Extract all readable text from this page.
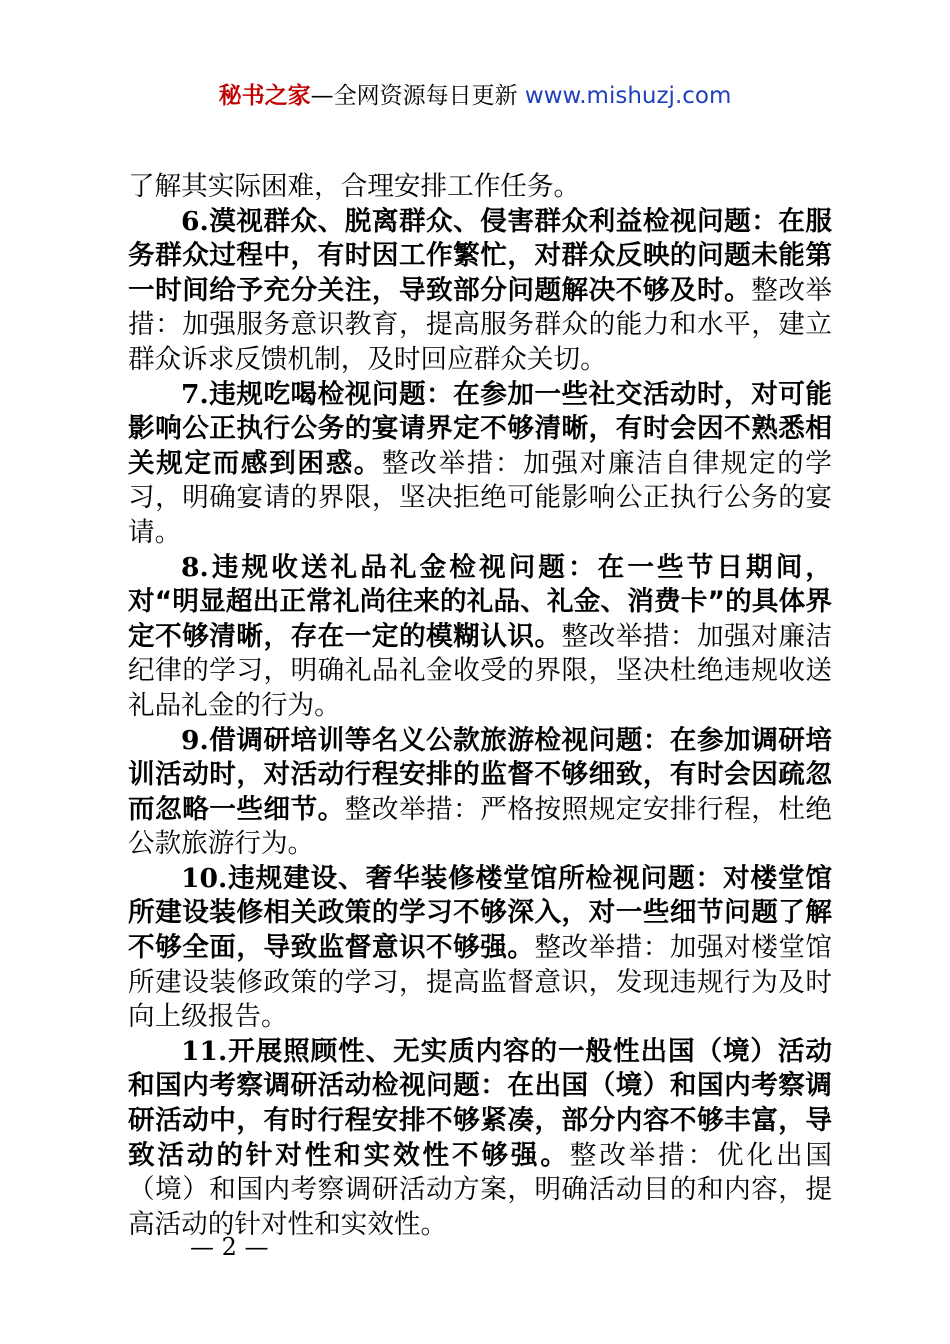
秘书之家—全网资源每日更新 www.mishuzj.com

了解其实际困难，合理安排工作任务。

6.漠视群众、脱离群众、侵害群众利益检视问题：在服务群众过程中，有时因工作繁忙，对群众反映的问题未能第一时间给予充分关注，导致部分问题解决不够及时。整改举措：加强服务意识教育，提高服务群众的能力和水平，建立群众诉求反馈机制，及时回应群众关切。

7.违规吃喝检视问题：在参加一些社交活动时，对可能影响公正执行公务的宴请界定不够清晰，有时会因不熟悉相关规定而感到困惑。整改举措：加强对廉洁自律规定的学习，明确宴请的界限，坚决拒绝可能影响公正执行公务的宴请。

8.违规收送礼品礼金检视问题：在一些节日期间，对“明显超出正常礼尚往来的礼品、礼金、消费卡”的具体界定不够清晰，存在一定的模糊认识。整改举措：加强对廉洁纪律的学习，明确礼品礼金收受的界限，坚决杜绝违规收送礼品礼金的行为。

9.借调研培训等名义公款旅游检视问题：在参加调研培训活动时，对活动行程安排的监督不够细致，有时会因疏忽而忽略一些细节。整改举措：严格按照规定安排行程，杜绝公款旅游行为。

10.违规建设、奢华装修楼堂馆所检视问题：对楼堂馆所建设装修相关政策的学习不够深入，对一些细节问题了解不够全面，导致监督意识不够强。整改举措：加强对楼堂馆所建设装修政策的学习，提高监督意识，发现违规行为及时向上级报告。

11.开展照顾性、无实质内容的一般性出国（境）活动和国内考察调研活动检视问题：在出国（境）和国内考察调研活动中，有时行程安排不够紧凑，部分内容不够丰富，导致活动的针对性和实效性不够强。整改举措：优化出国（境）和国内考察调研活动方案，明确活动目的和内容，提高活动的针对性和实效性。

— 2 —
